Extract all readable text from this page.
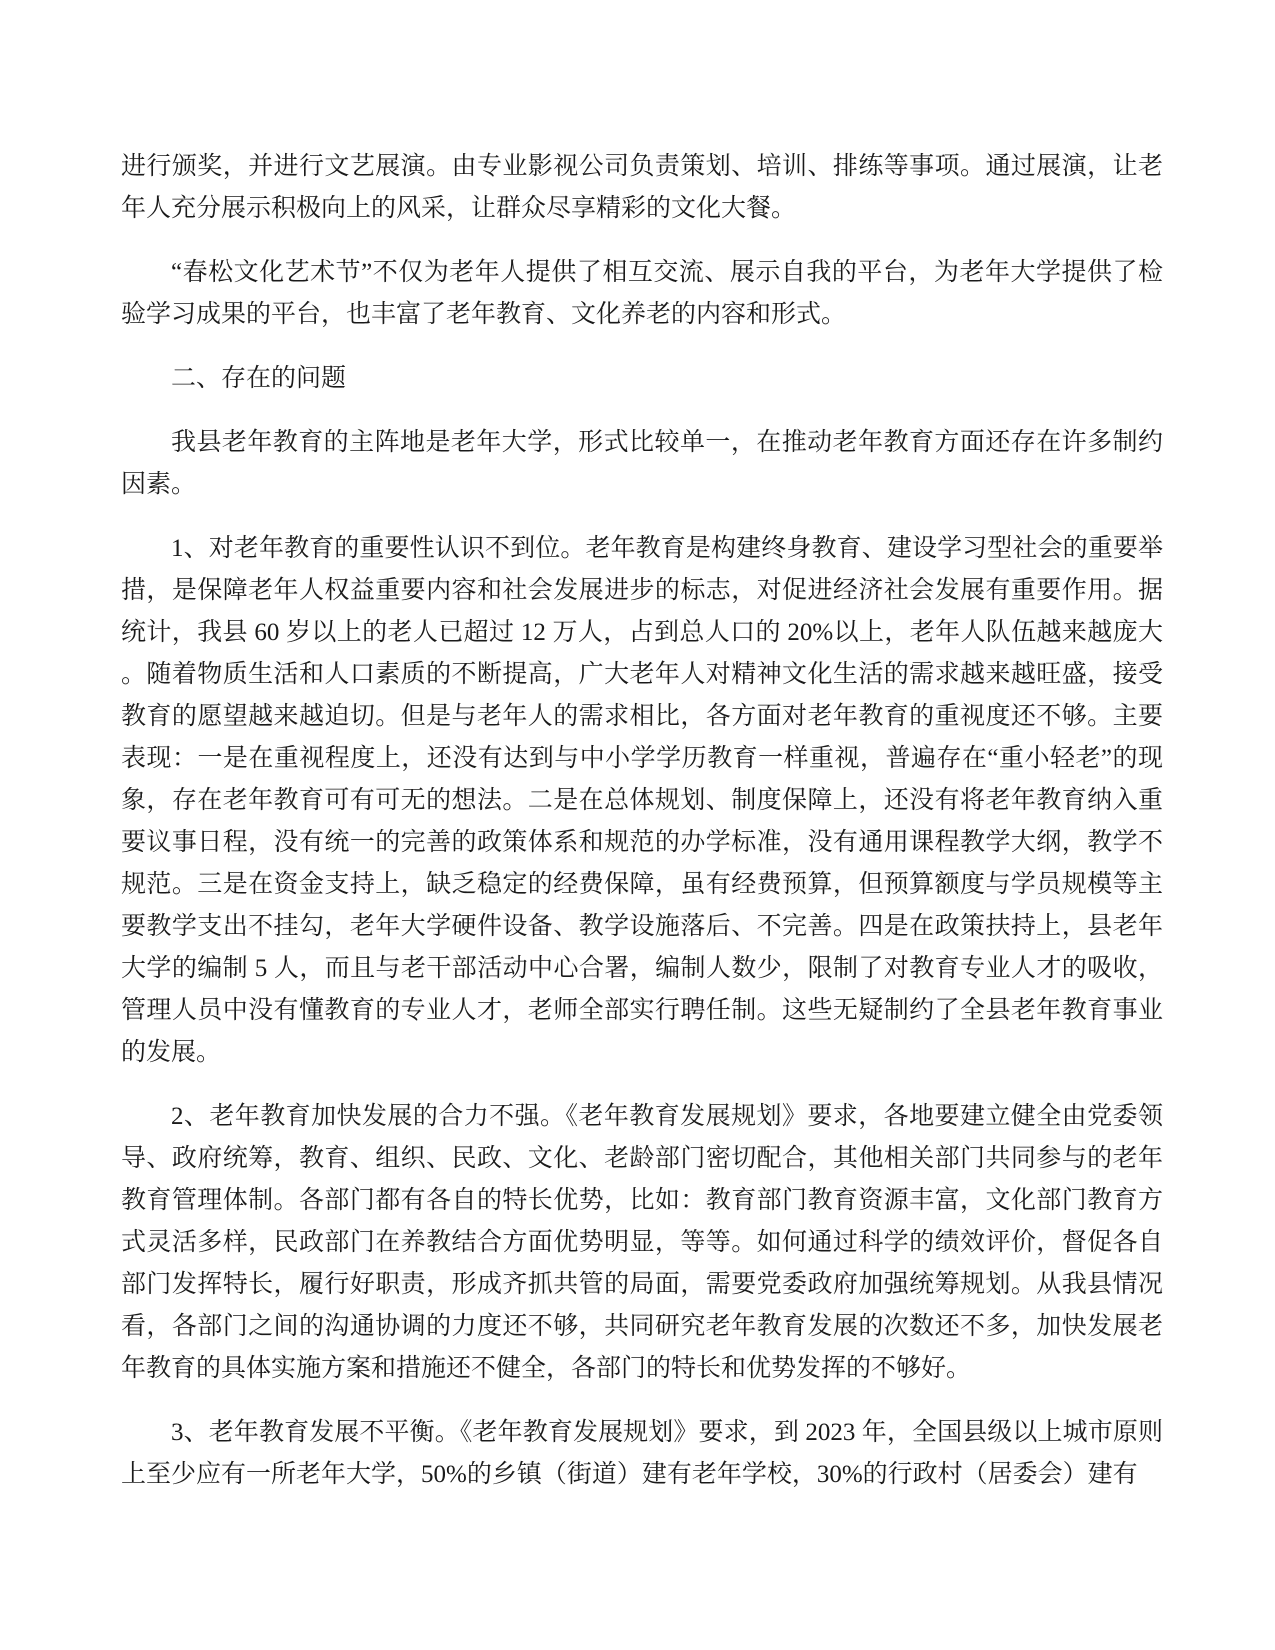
进行颁奖，并进行文艺展演。由专业影视公司负责策划、培训、排练等事项。通过展演，让老年人充分展示积极向上的风采，让群众尽享精彩的文化大餐。

“春松文化艺术节”不仅为老年人提供了相互交流、展示自我的平台，为老年大学提供了检验学习成果的平台，也丰富了老年教育、文化养老的内容和形式。

二、存在的问题

我县老年教育的主阵地是老年大学，形式比较单一，在推动老年教育方面还存在许多制约因素。

1、对老年教育的重要性认识不到位。老年教育是构建终身教育、建设学习型社会的重要举措，是保障老年人权益重要内容和社会发展进步的标志，对促进经济社会发展有重要作用。据统计，我县 60 岁以上的老人已超过 12 万人，占到总人口的 20%以上，老年人队伍越来越庞大。随着物质生活和人口素质的不断提高，广大老年人对精神文化生活的需求越来越旺盛，接受教育的愿望越来越迫切。但是与老年人的需求相比，各方面对老年教育的重视度还不够。主要表现：一是在重视程度上，还没有达到与中小学学历教育一样重视，普遍存在“重小轻老”的现象，存在老年教育可有可无的想法。二是在总体规划、制度保障上，还没有将老年教育纳入重要议事日程，没有统一的完善的政策体系和规范的办学标准，没有通用课程教学大纲，教学不规范。三是在资金支持上，缺乏稳定的经费保障，虽有经费预算，但预算额度与学员规模等主要教学支出不挂勾，老年大学硬件设备、教学设施落后、不完善。四是在政策扶持上，县老年大学的编制 5 人，而且与老干部活动中心合署，编制人数少，限制了对教育专业人才的吸收，管理人员中没有懂教育的专业人才，老师全部实行聘任制。这些无疑制约了全县老年教育事业的发展。

2、老年教育加快发展的合力不强。《老年教育发展规划》要求，各地要建立健全由党委领导、政府统筹，教育、组织、民政、文化、老龄部门密切配合，其他相关部门共同参与的老年教育管理体制。各部门都有各自的特长优势，比如：教育部门教育资源丰富，文化部门教育方式灵活多样，民政部门在养教结合方面优势明显，等等。如何通过科学的绩效评价，督促各自部门发挥特长，履行好职责，形成齐抓共管的局面，需要党委政府加强统筹规划。从我县情况看，各部门之间的沟通协调的力度还不够，共同研究老年教育发展的次数还不多，加快发展老年教育的具体实施方案和措施还不健全，各部门的特长和优势发挥的不够好。

3、老年教育发展不平衡。《老年教育发展规划》要求，到 2023 年，全国县级以上城市原则上至少应有一所老年大学，50%的乡镇（街道）建有老年学校，30%的行政村（居委会）建有
